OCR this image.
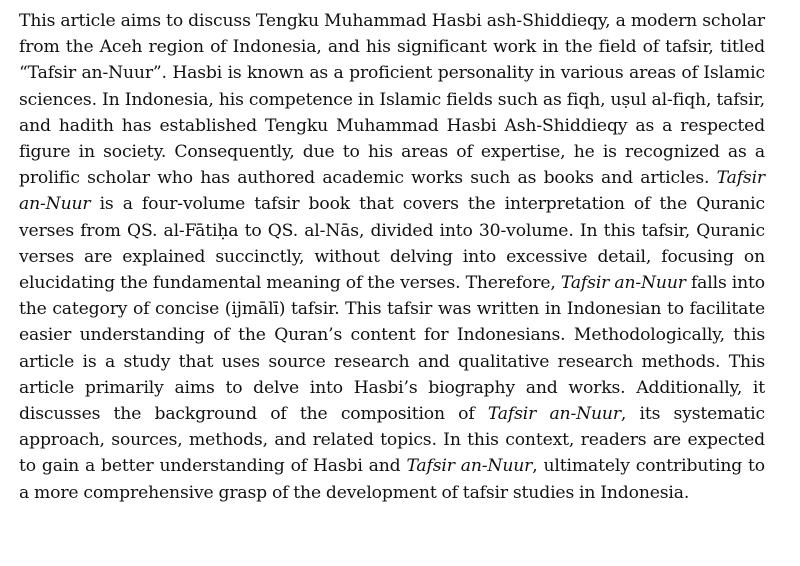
This article aims to discuss Tengku Muhammad Hasbi ash-Shiddieqy, a modern scholar from the Aceh region of Indonesia, and his significant work in the field of tafsir, titled “Tafsir an-Nuur”. Hasbi is known as a proficient personality in various areas of Islamic sciences. In Indonesia, his competence in Islamic fields such as fiqh, uṣul al-fiqh, tafsir, and hadith has established Tengku Muhammad Hasbi Ash-Shiddieqy as a respected figure in society. Consequently, due to his areas of expertise, he is recognized as a prolific scholar who has authored academic works such as books and articles. Tafsir an-Nuur is a four-volume tafsir book that covers the interpretation of the Quranic verses from QS. al-Fātiḥa to QS. al-Nās, divided into 30-volume. In this tafsir, Quranic verses are explained succinctly, without delving into excessive detail, focusing on elucidating the fundamental meaning of the verses. Therefore, Tafsir an-Nuur falls into the category of concise (ijmālī) tafsir. This tafsir was written in Indonesian to facilitate easier understanding of the Quran’s content for Indonesians. Methodologically, this article is a study that uses source research and qualitative research methods. This article primarily aims to delve into Hasbi’s biography and works. Additionally, it discusses the background of the composition of Tafsir an-Nuur, its systematic approach, sources, methods, and related topics. In this context, readers are expected to gain a better understanding of Hasbi and Tafsir an-Nuur, ultimately contributing to a more comprehensive grasp of the development of tafsir studies in Indonesia.
